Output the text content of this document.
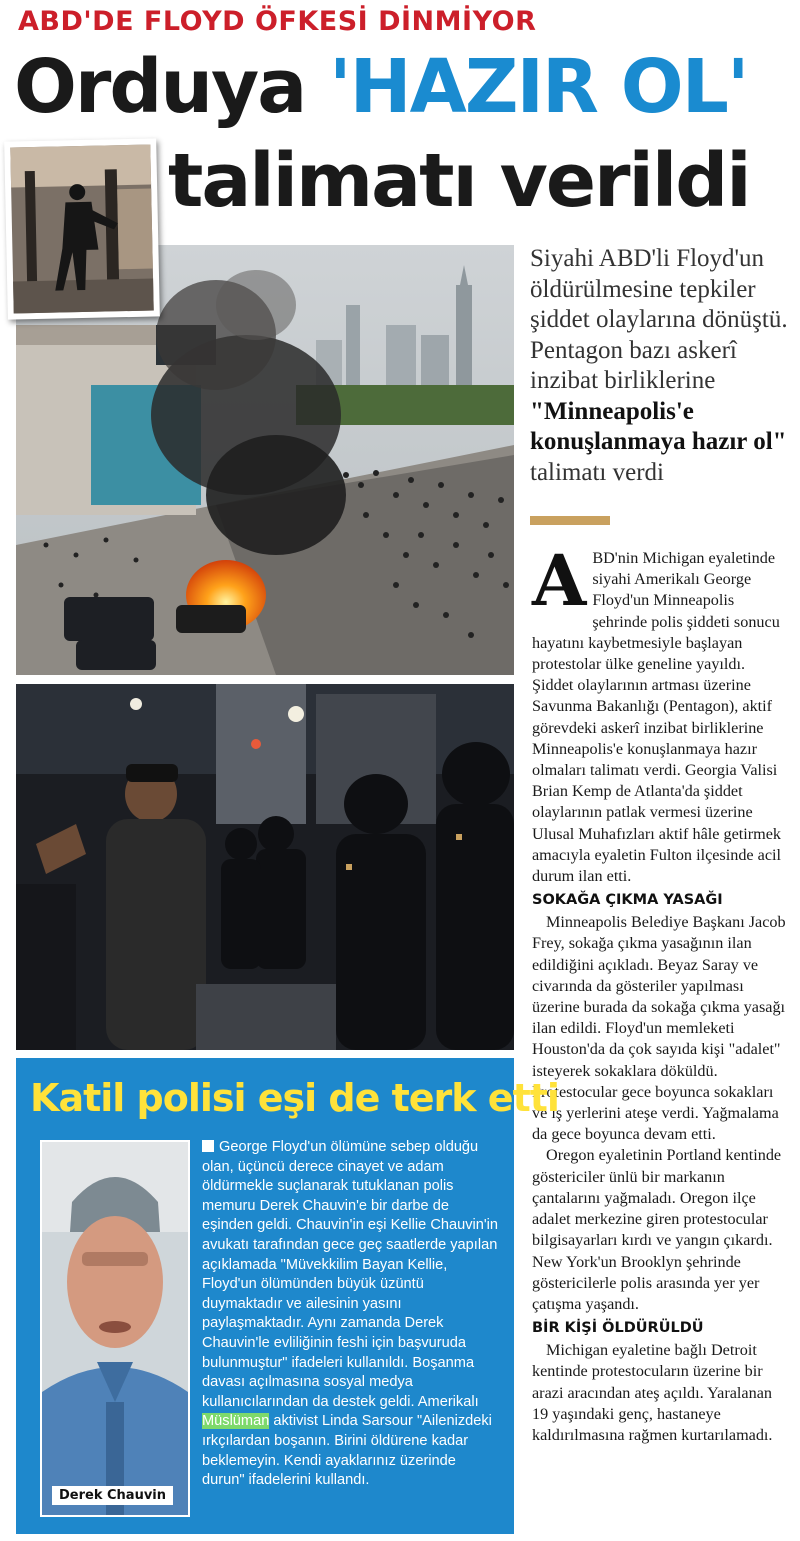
ABD'DE FLOYD ÖFKESİ DİNMİYOR
Orduya 'HAZIR OL'
talimatı verildi
Siyahi ABD'li Floyd'un öldürülmesine tepkiler şiddet olaylarına dönüştü. Pentagon bazı askerî inzibat birliklerine "Minneapolis'e konuşlanmaya hazır ol" talimatı verdi

ABD'nin Michigan eyaletinde siyahi Amerikalı George Floyd'un Minneapolis şehrinde polis şiddeti sonucu hayatını kaybetmesiyle başlayan protestolar ülke geneline yayıldı. Şiddet olaylarının artması üzerine Savunma Bakanlığı (Pentagon), aktif görevdeki askerî inzibat birliklerine Minneapolis'e konuşlanmaya hazır olmaları talimatı verdi. Georgia Valisi Brian Kemp de Atlanta'da şiddet olaylarının patlak vermesi üzerine Ulusal Muhafızları aktif hâle getirmek amacıyla eyaletin Fulton ilçesinde acil durum ilan etti.

SOKAĞA ÇIKMA YASAĞI

Minneapolis Belediye Başkanı Jacob Frey, sokağa çıkma yasağının ilan edildiğini açıkladı. Beyaz Saray ve civarında da gösteriler yapılması üzerine burada da sokağa çıkma yasağı ilan edildi. Floyd'un memleketi Houston'da da çok sayıda kişi "adalet" isteyerek sokaklara döküldü. Protestocular gece boyunca sokakları ve iş yerlerini ateşe verdi. Yağmalama da gece boyunca devam etti.

Oregon eyaletinin Portland kentinde göstericiler ünlü bir markanın çantalarını yağmaladı. Oregon ilçe adalet merkezine giren protestocular bilgisayarları kırdı ve yangın çıkardı. New York'un Brooklyn şehrinde göstericilerle polis arasında yer yer çatışma yaşandı.

BİR KİŞİ ÖLDÜRÜLDÜ

Michigan eyaletine bağlı Detroit kentinde protestocuların üzerine bir arazi aracından ateş açıldı. Yaralanan 19 yaşındaki genç, hastaneye kaldırılmasına rağmen kurtarılamadı.

Katil polisi eşi de terk etti
Derek Chauvin
George Floyd'un ölümüne sebep olduğu olan, üçüncü derece cinayet ve adam öldürmekle suçlanarak tutuklanan polis memuru Derek Chauvin'e bir darbe de eşinden geldi. Chauvin'in eşi Kellie Chauvin'in avukatı tarafından gece geç saatlerde yapılan açıklamada "Müvekkilim Bayan Kellie, Floyd'un ölümünden büyük üzüntü duymaktadır ve ailesinin yasını paylaşmaktadır. Aynı zamanda Derek Chauvin'le evliliğinin feshi için başvuruda bulunmuştur" ifadeleri kullanıldı. Boşanma davası açılmasına sosyal medya kullanıcılarından da destek geldi. Amerikalı Müslüman aktivist Linda Sarsour "Ailenizdeki ırkçılardan boşanın. Birini öldürene kadar beklemeyin. Kendi ayaklarınız üzerinde durun" ifadelerini kullandı.
